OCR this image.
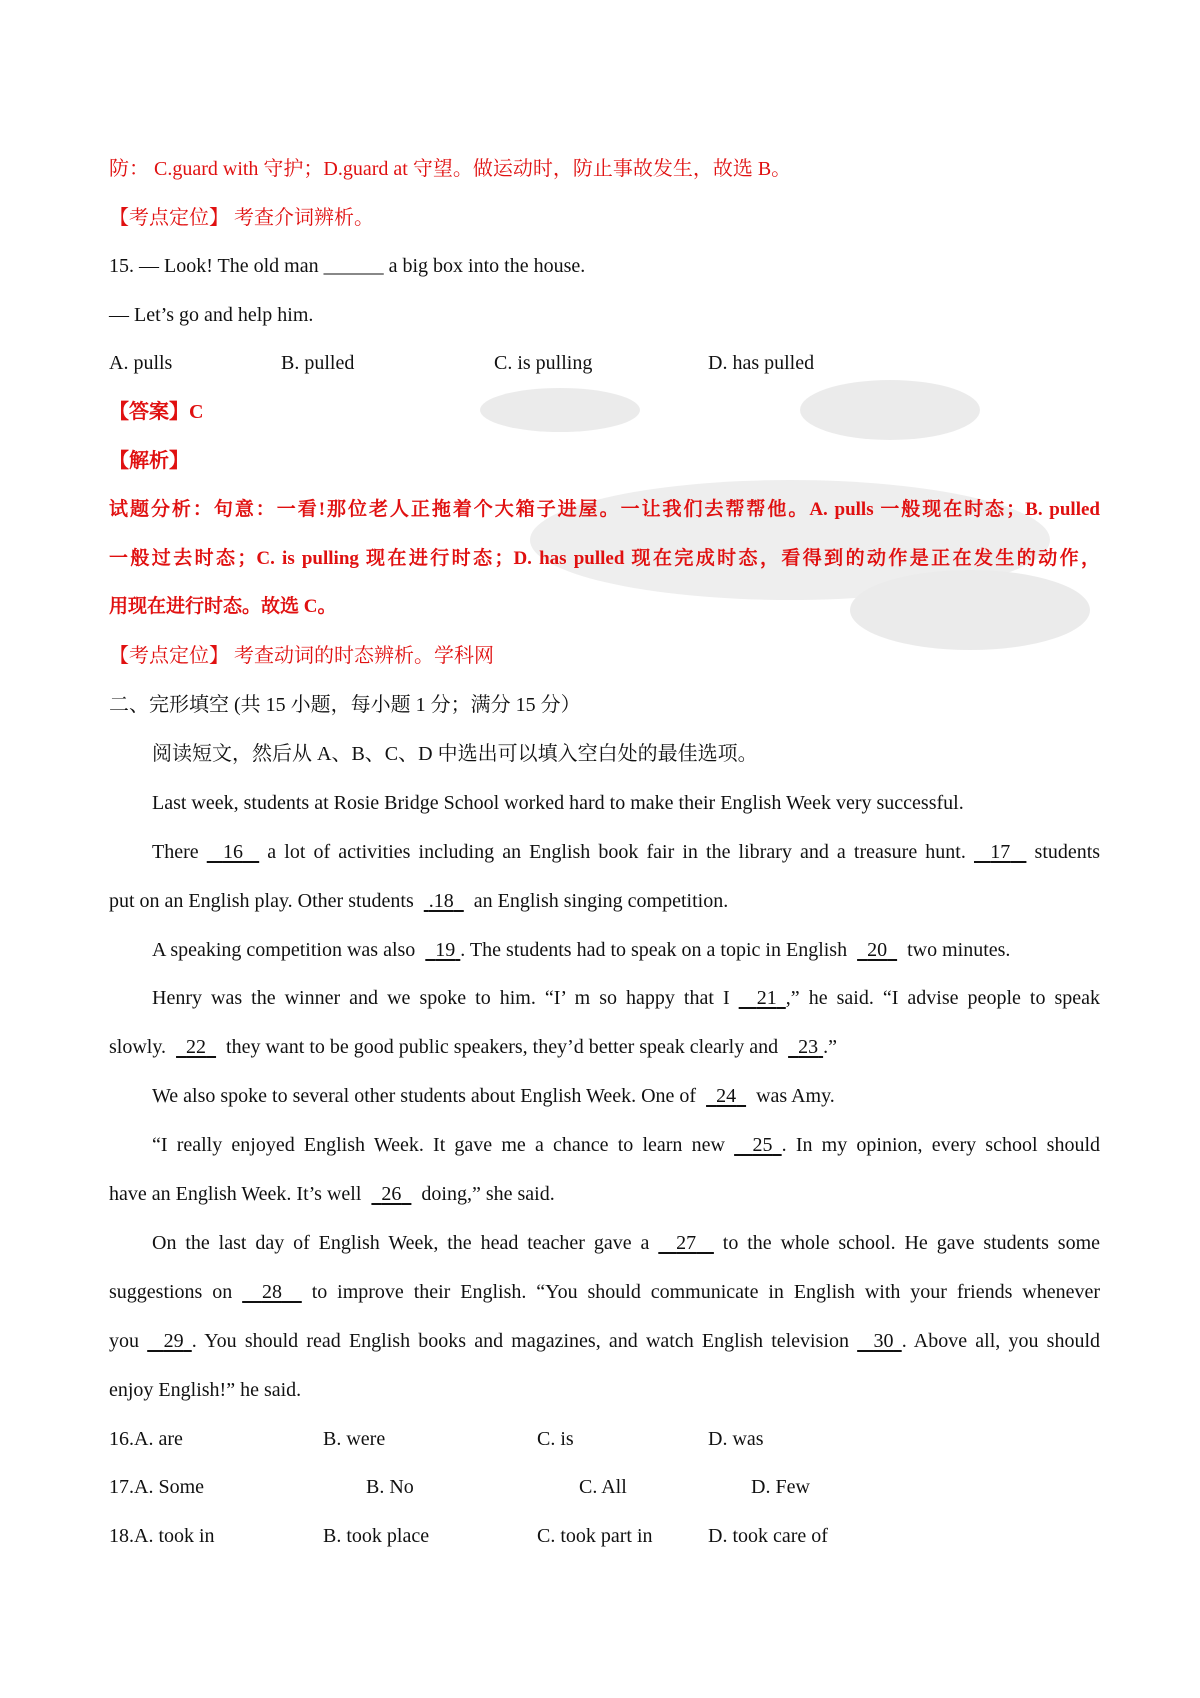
防： C.guard with 守护；D.guard at 守望。做运动时，防止事故发生，故选 B。
【考点定位】 考查介词辨析。
15. — Look! The old man ______ a big box into the house.
— Let’s go and help him.
A. pulls	B. pulled	C. is pulling	D. has pulled
【答案】C
【解析】
试题分析：句意：一看!那位老人正拖着个大箱子进屋。一让我们去帮帮他。A. pulls 一般现在时态；B. pulled
一般过去时态；C. is pulling 现在进行时态；D. has pulled 现在完成时态，看得到的动作是正在发生的动作，
用现在进行时态。故选 C。
【考点定位】 考查动词的时态辨析。学科网
二、完形填空 (共 15 小题，每小题 1 分；满分 15 分）
阅读短文，然后从 A、B、C、D 中选出可以填入空白处的最佳选项。
Last week, students at Rosie Bridge School worked hard to make their English Week very successful.
There 16 a lot of activities including an English book fair in the library and a treasure hunt. 17 students
put on an English play. Other students .18 an English singing competition.
A speaking competition was also 19 . The students had to speak on a topic in English 20 two minutes.
Henry was the winner and we spoke to him. “I’ m so happy that I 21 ,” he said. “I advise people to speak
slowly. 22 they want to be good public speakers, they’d better speak clearly and 23 .”
We also spoke to several other students about English Week. One of 24 was Amy.
“I really enjoyed English Week. It gave me a chance to learn new 25 . In my opinion, every school should
have an English Week. It’s well 26 doing,” she said.
On the last day of English Week, the head teacher gave a 27 to the whole school. He gave students some
suggestions on 28 to improve their English. “You should communicate in English with your friends whenever
you 29 . You should read English books and magazines, and watch English television 30 . Above all, you should
enjoy English!” he said.
16.A. are	B. were	C. is	D. was
17.A. Some	B. No	C. All	D. Few
18.A. took in	B. took place	C. took part in	D. took care of
